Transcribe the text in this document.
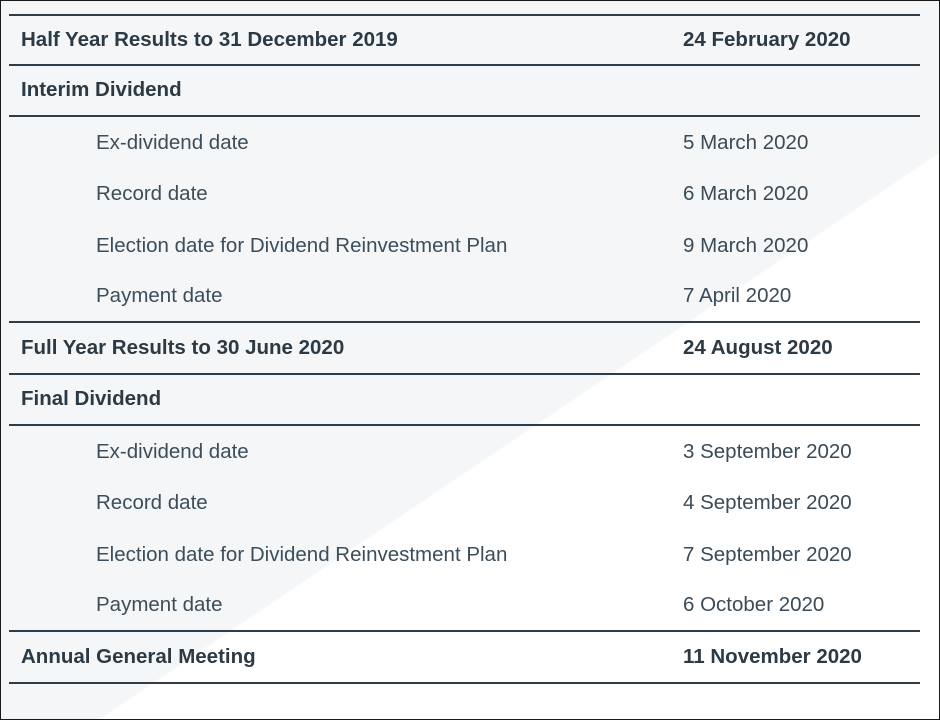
Half Year Results to 31 December 2019	24 February 2020
Interim Dividend
Ex-dividend date	5 March 2020
Record date	6 March 2020
Election date for Dividend Reinvestment Plan	9 March 2020
Payment date	7 April 2020
Full Year Results to 30 June 2020	24 August 2020
Final Dividend
Ex-dividend date	3 September 2020
Record date	4 September 2020
Election date for Dividend Reinvestment Plan	7 September 2020
Payment date	6 October 2020
Annual General Meeting	11 November 2020
